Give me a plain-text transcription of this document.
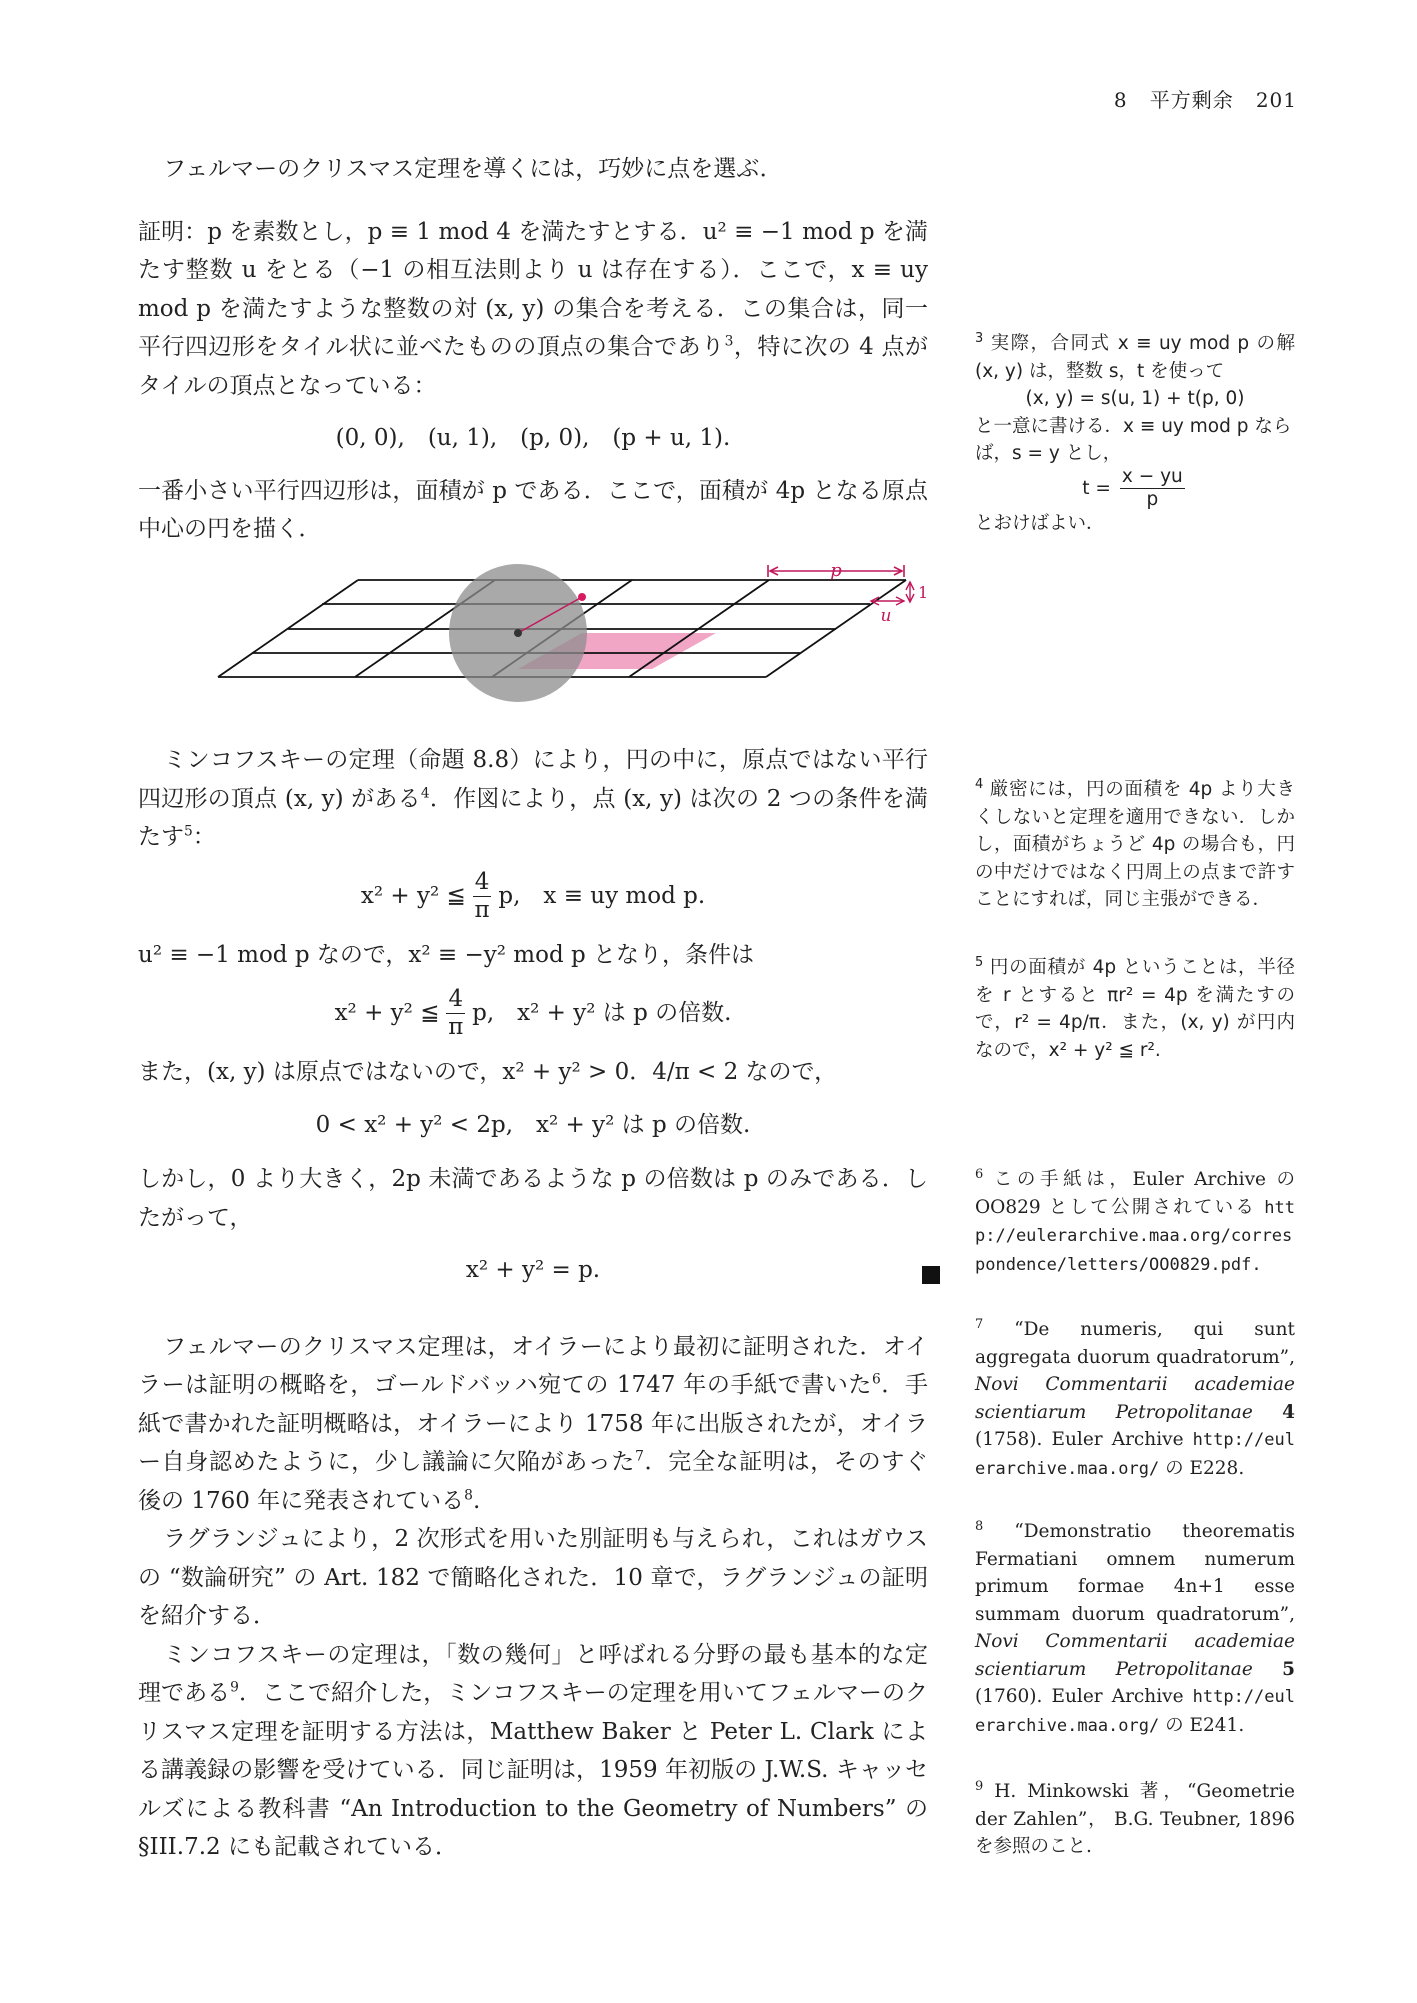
8 平方剰余 201

フェルマーのクリスマス定理を導くには，巧妙に点を選ぶ．

証明：p を素数とし，p ≡ 1 mod 4 を満たすとする．u² ≡ −1 mod p を満たす整数 u をとる（−1 の相互法則より u は存在する）．ここで，x ≡ uy mod p を満たすような整数の対 (x, y) の集合を考える．この集合は，同一平行四辺形をタイル状に並べたものの頂点の集合であり$^3$，特に次の 4 点がタイルの頂点となっている：

(0, 0),　(u, 1),　(p, 0),　(p + u, 1).

一番小さい平行四辺形は，面積が p である．ここで，面積が 4p となる原点中心の円を描く．

p
u
1

ミンコフスキーの定理（命題 8.8）により，円の中に，原点ではない平行四辺形の頂点 (x, y) がある$^4$．作図により，点 (x, y) は次の 2 つの条件を満たす$^5$：

x² + y² ≦ $\frac{4}{\pi} p$,　x ≡ uy mod p.

u² ≡ −1 mod p なので，x² ≡ −y² mod p となり，条件は

x² + y² ≦ $\frac{4}{\pi} p$,　x² + y² は p の倍数.

また，(x, y) は原点ではないので，x² + y² > 0．4/π < 2 なので，

0 < x² + y² < 2p,　x² + y² は p の倍数.

しかし，0 より大きく，2p 未満であるような p の倍数は p のみである．したがって，

x² + y² = p.

フェルマーのクリスマス定理は，オイラーにより最初に証明された．オイラーは証明の概略を，ゴールドバッハ宛ての 1747 年の手紙で書いた$^6$．手紙で書かれた証明概略は，オイラーにより 1758 年に出版されたが，オイラー自身認めたように，少し議論に欠陥があった$^7$．完全な証明は，そのすぐ後の 1760 年に発表されている$^8$.

ラグランジュにより，2 次形式を用いた別証明も与えられ，これはガウスの “数論研究” の Art. 182 で簡略化された．10 章で，ラグランジュの証明を紹介する．

ミンコフスキーの定理は，「数の幾何」と呼ばれる分野の最も基本的な定理である$^9$．ここで紹介した，ミンコフスキーの定理を用いてフェルマーのクリスマス定理を証明する方法は，Matthew Baker と Peter L. Clark による講義録の影響を受けている．同じ証明は，1959 年初版の J.W.S. キャッセルズによる教科書 “An Introduction to the Geometry of Numbers” の §III.7.2 にも記載されている．

$^3$ 実際，合同式 x ≡ uy mod p の解 (x, y) は，整数 s，t を使って

(x, y) = s(u, 1) + t(p, 0)
と一意に書ける．x ≡ uy mod p ならば，s = y とし，
$t = \frac{x - yu}{p}$
とおけばよい．

$^4$ 厳密には，円の面積を 4p より大きくしないと定理を適用できない．しかし，面積がちょうど 4p の場合も，円の中だけではなく円周上の点まで許すことにすれば，同じ主張ができる．

$^5$ 円の面積が 4p ということは，半径を r とすると πr² = 4p を満たすので，r² = 4p/π．また，(x, y) が円内なので，x² + y² ≦ r².

$^6$ この手紙は，Euler Archive の OO829 として公開されている http://eulerarchive.maa.org/correspondence/letters/OO0829.pdf.

$^7$ “De numeris, qui sunt aggregata duorum quadratorum”, Novi Commentarii academiae scientiarum Petropolitanae 4 (1758). Euler Archive http://eulerarchive.maa.org/ の E228.

$^8$ “Demonstratio theorematis Fermatiani omnem numerum primum formae 4n+1 esse summam duorum quadratorum”, Novi Commentarii academiae scientiarum Petropolitanae 5 (1760). Euler Archive http://eulerarchive.maa.org/ の E241.

$^9$ H. Minkowski 著，“Geometrie der Zahlen”， B.G. Teubner, 1896 を参照のこと.
